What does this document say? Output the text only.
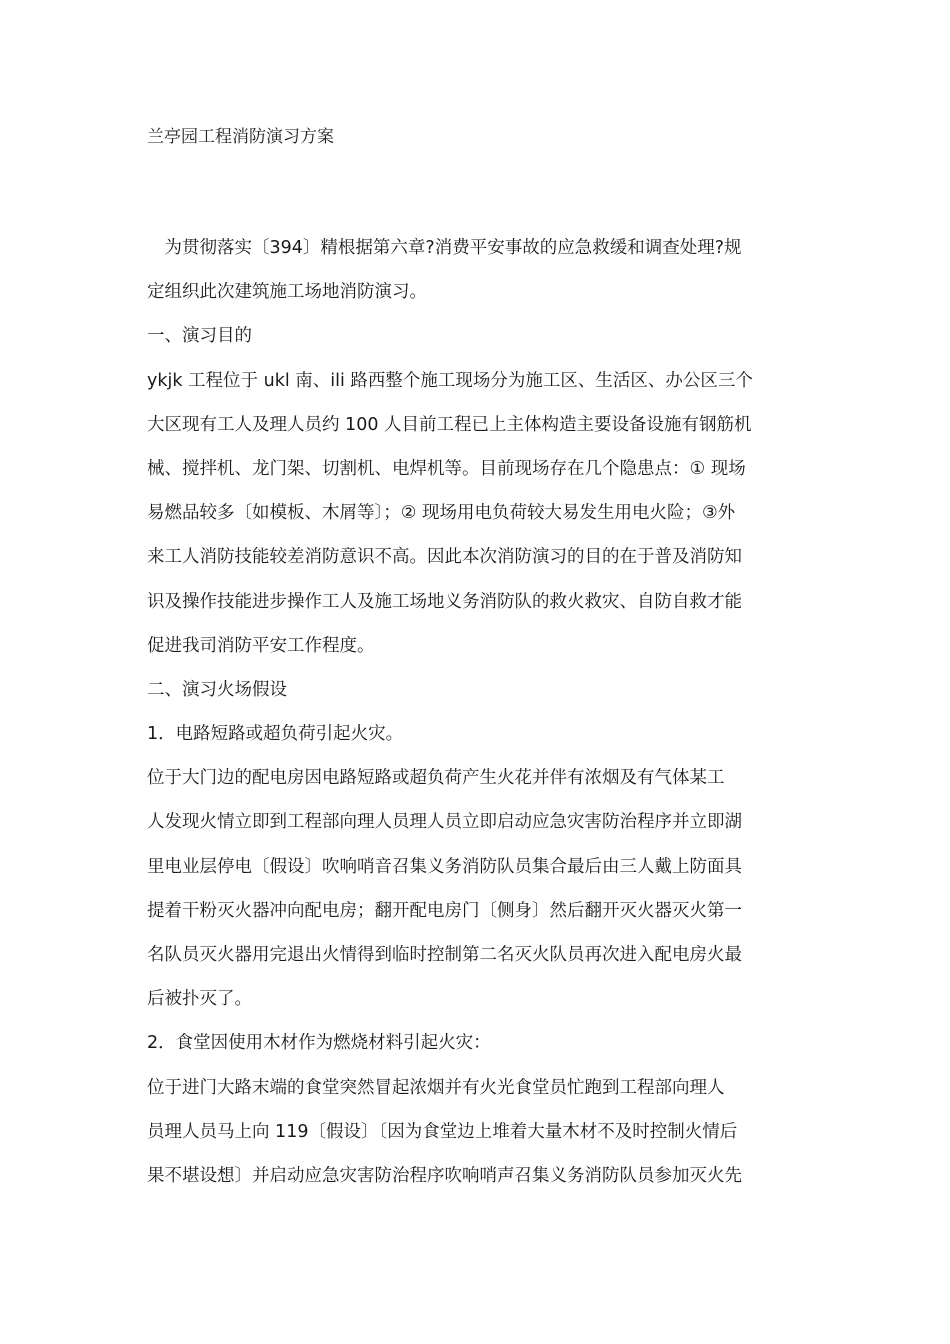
兰亭园工程消防演习方案
　为贯彻落实〔394〕精根据第六章?消费平安事故的应急救缓和调查处理?规
定组织此次建筑施工场地消防演习。
一、演习目的
ykjk 工程位于 ukl 南、ili 路西整个施工现场分为施工区、生活区、办公区三个
大区现有工人及理人员约 100 人目前工程已上主体构造主要设备设施有钢筋机
械、搅拌机、龙门架、切割机、电焊机等。目前现场存在几个隐患点：① 现场
易燃品较多〔如模板、木屑等〕；② 现场用电负荷较大易发生用电火险；③外
来工人消防技能较差消防意识不高。因此本次消防演习的目的在于普及消防知
识及操作技能进步操作工人及施工场地义务消防队的救火救灾、自防自救才能
促进我司消防平安工作程度。
二、演习火场假设
1．电路短路或超负荷引起火灾。
位于大门边的配电房因电路短路或超负荷产生火花并伴有浓烟及有气体某工
人发现火情立即到工程部向理人员理人员立即启动应急灾害防治程序并立即湖
里电业层停电〔假设〕吹响哨音召集义务消防队员集合最后由三人戴上防面具
提着干粉灭火器冲向配电房；翻开配电房门〔侧身〕然后翻开灭火器灭火第一
名队员灭火器用完退出火情得到临时控制第二名灭火队员再次进入配电房火最
后被扑灭了。
2．食堂因使用木材作为燃烧材料引起火灾：
位于进门大路末端的食堂突然冒起浓烟并有火光食堂员忙跑到工程部向理人
员理人员马上向 119〔假设〕〔因为食堂边上堆着大量木材不及时控制火情后
果不堪设想〕并启动应急灾害防治程序吹响哨声召集义务消防队员参加灭火先
